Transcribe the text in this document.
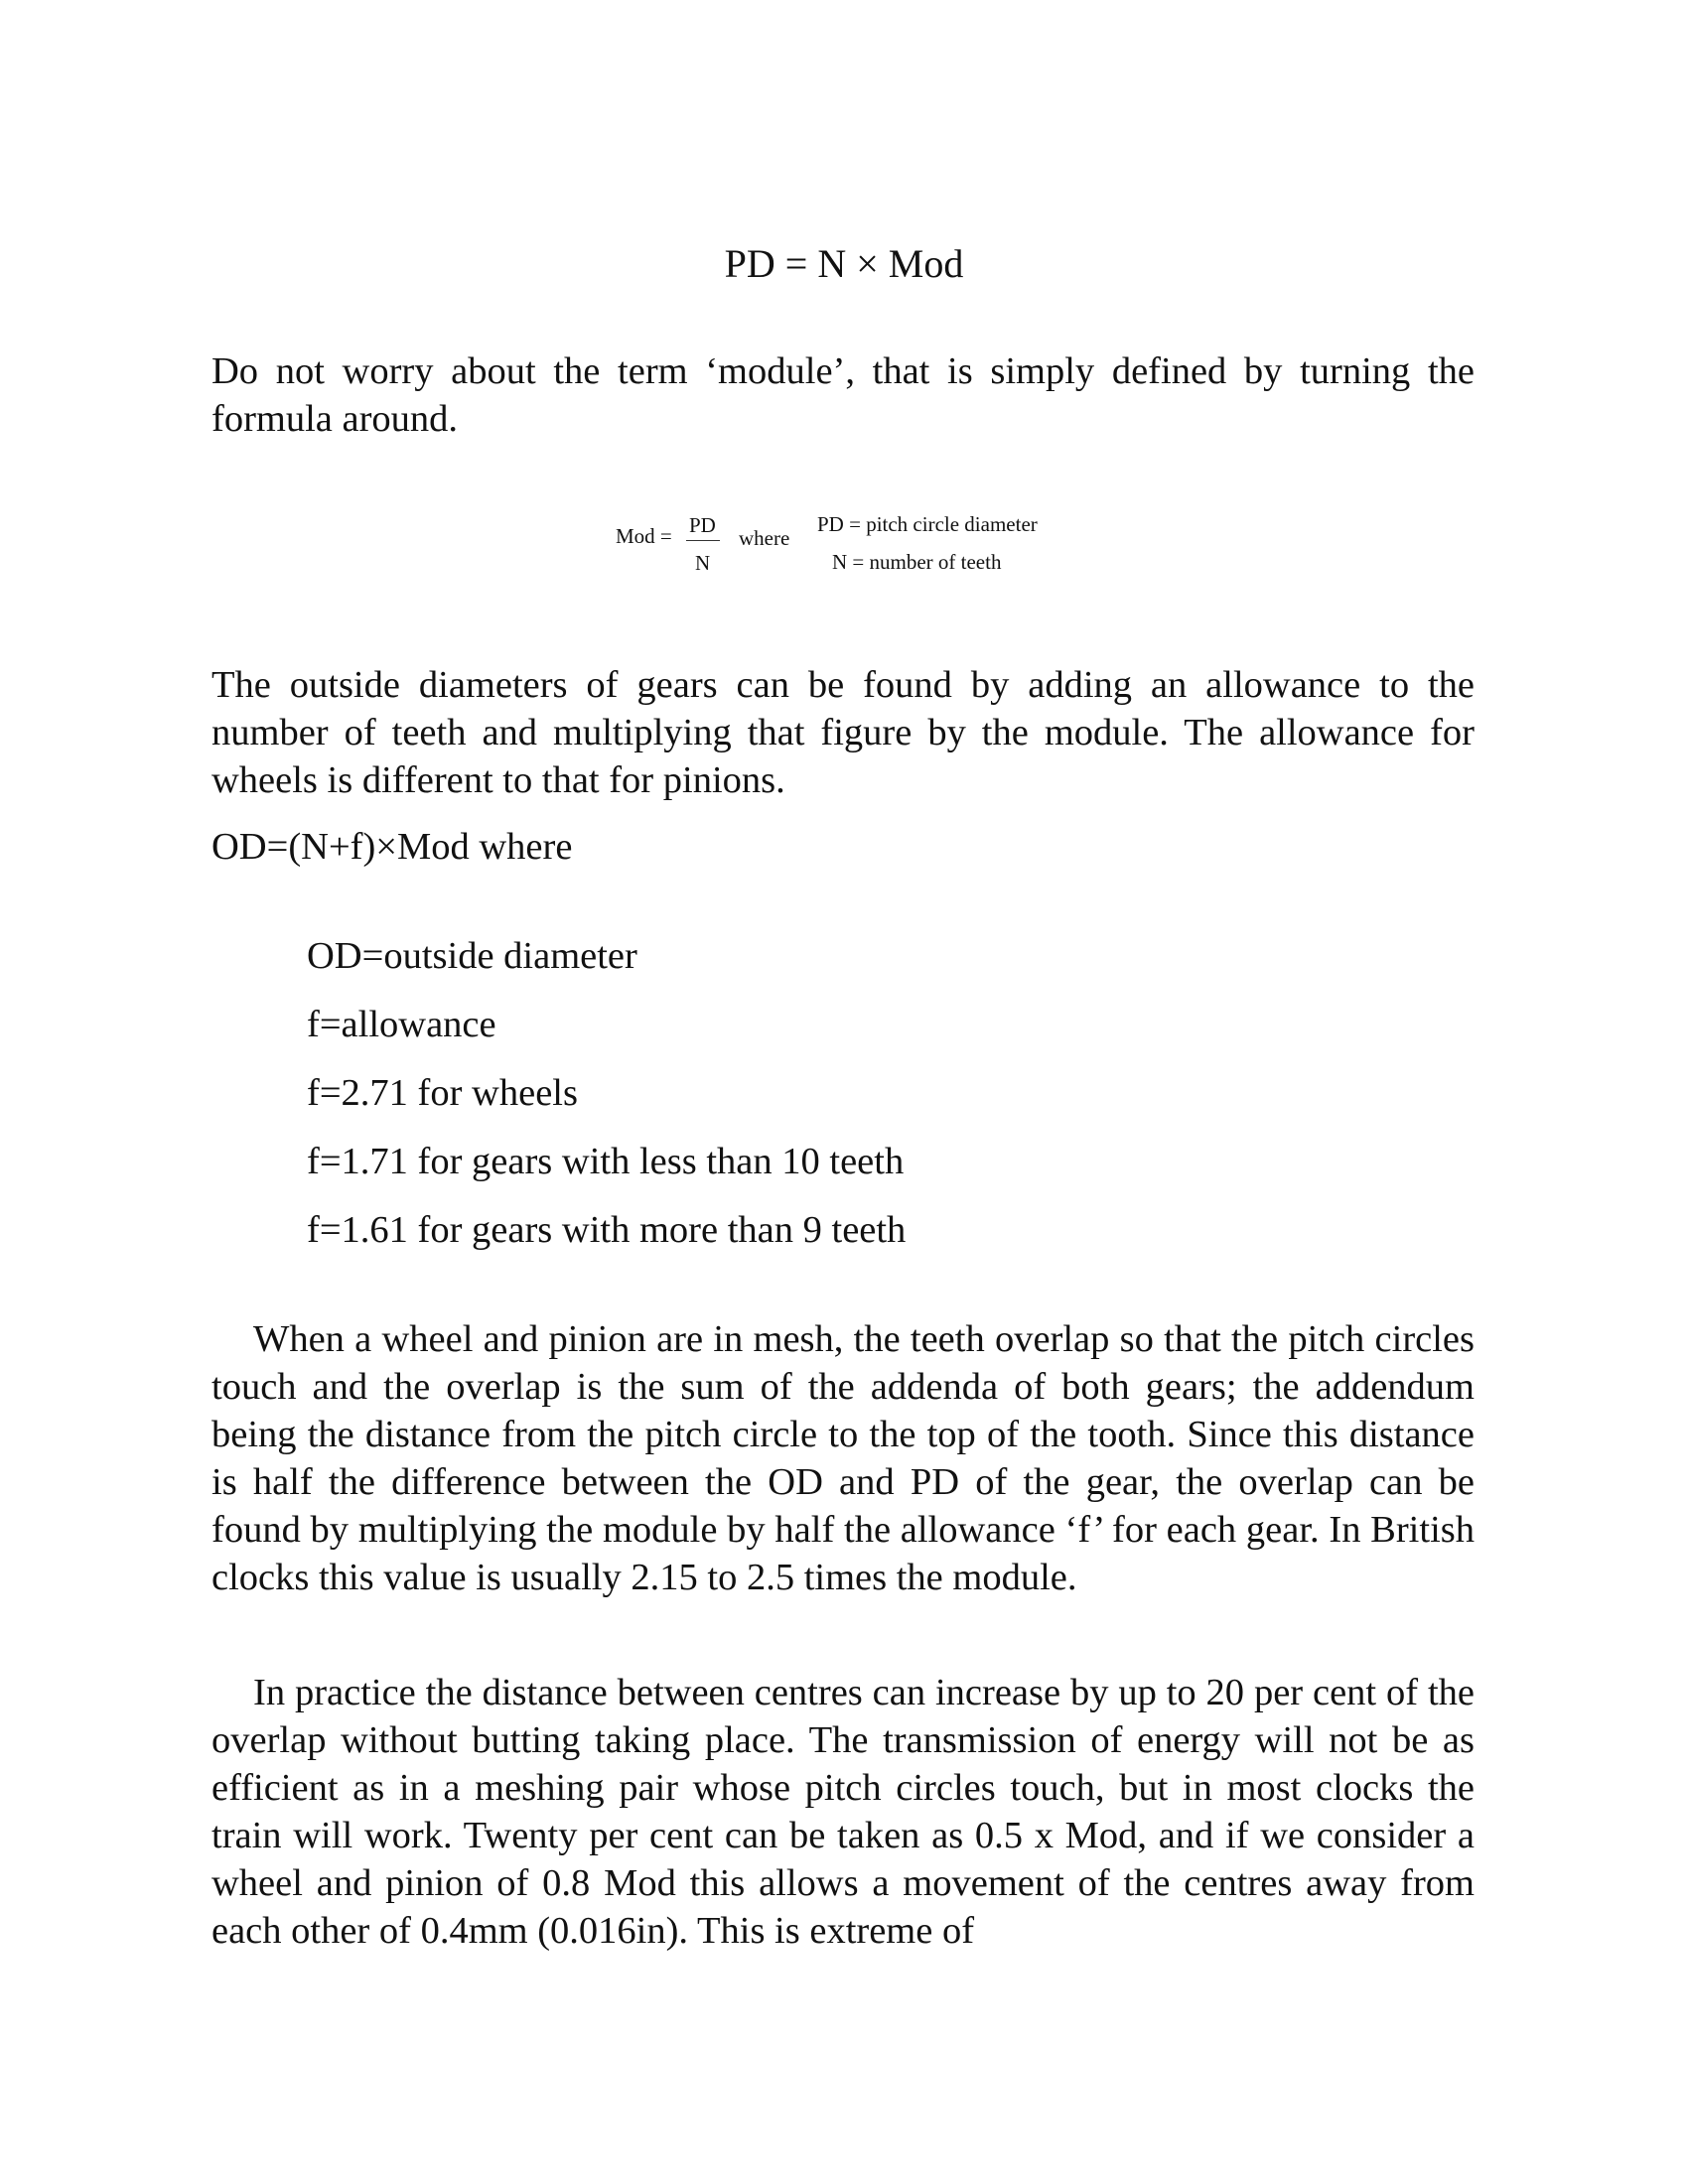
PD = N × Mod

Do not worry about the term ‘module’, that is simply defined by turning the formula around.

Mod = PD
N
where
PD = pitch circle diameter
N = number of teeth

The outside diameters of gears can be found by adding an allowance to the number of teeth and multiplying that figure by the module. The allowance for wheels is different to that for pinions.

OD=(N+f)×Mod where
OD=outside diameter
f=allowance
f=2.71 for wheels
f=1.71 for gears with less than 10 teeth
f=1.61 for gears with more than 9 teeth

When a wheel and pinion are in mesh, the teeth overlap so that the pitch circles touch and the overlap is the sum of the addenda of both gears; the addendum being the distance from the pitch circle to the top of the tooth. Since this distance is half the difference between the OD and PD of the gear, the overlap can be found by multiplying the module by half the allowance ‘f’ for each gear. In British clocks this value is usually 2.15 to 2.5 times the module.

In practice the distance between centres can increase by up to 20 per cent of the overlap without butting taking place. The transmission of energy will not be as efficient as in a meshing pair whose pitch circles touch, but in most clocks the train will work. Twenty per cent can be taken as 0.5 x Mod, and if we consider a wheel and pinion of 0.8 Mod this allows a movement of the centres away from each other of 0.4mm (0.016in). This is extreme of
